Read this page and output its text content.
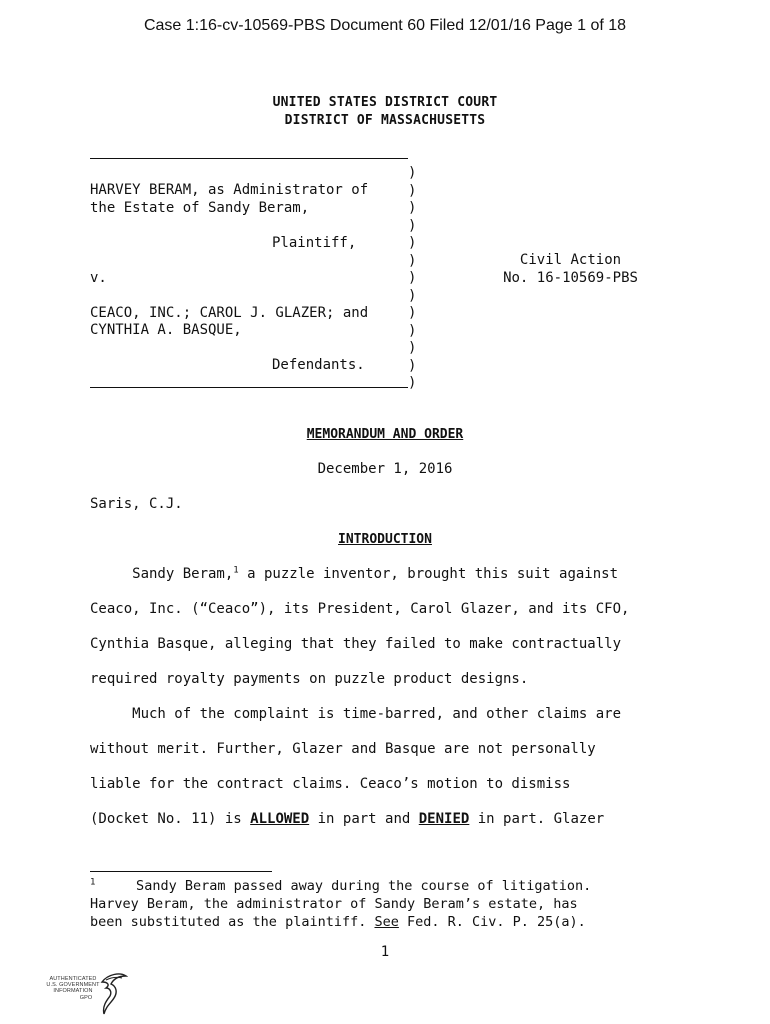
Case 1:16-cv-10569-PBS Document 60 Filed 12/01/16 Page 1 of 18
UNITED STATES DISTRICT COURT
DISTRICT OF MASSACHUSETTS
)
)
)
)
)
)
)
)
)
)
)
)
)
HARVEY BERAM, as Administrator of
the Estate of Sandy Beram,
Plaintiff,
v.
CEACO, INC.; CAROL J. GLAZER; and
CYNTHIA A. BASQUE,
Defendants.
Civil Action
No. 16-10569-PBS
MEMORANDUM AND ORDER
December 1, 2016
Saris, C.J.
INTRODUCTION
Sandy Beram,$^1$ a puzzle inventor, brought this suit against
Ceaco, Inc. (“Ceaco”), its President, Carol Glazer, and its CFO,
Cynthia Basque, alleging that they failed to make contractually
required royalty payments on puzzle product designs.
Much of the complaint is time-barred, and other claims are
without merit. Further, Glazer and Basque are not personally
liable for the contract claims. Ceaco’s motion to dismiss
(Docket No. 11) is ALLOWED in part and DENIED in part. Glazer
$^1$     Sandy Beram passed away during the course of litigation.
Harvey Beram, the administrator of Sandy Beram’s estate, has
been substituted as the plaintiff. See Fed. R. Civ. P. 25(a).
1
AUTHENTICATED
U.S. GOVERNMENT
INFORMATION
GPO
